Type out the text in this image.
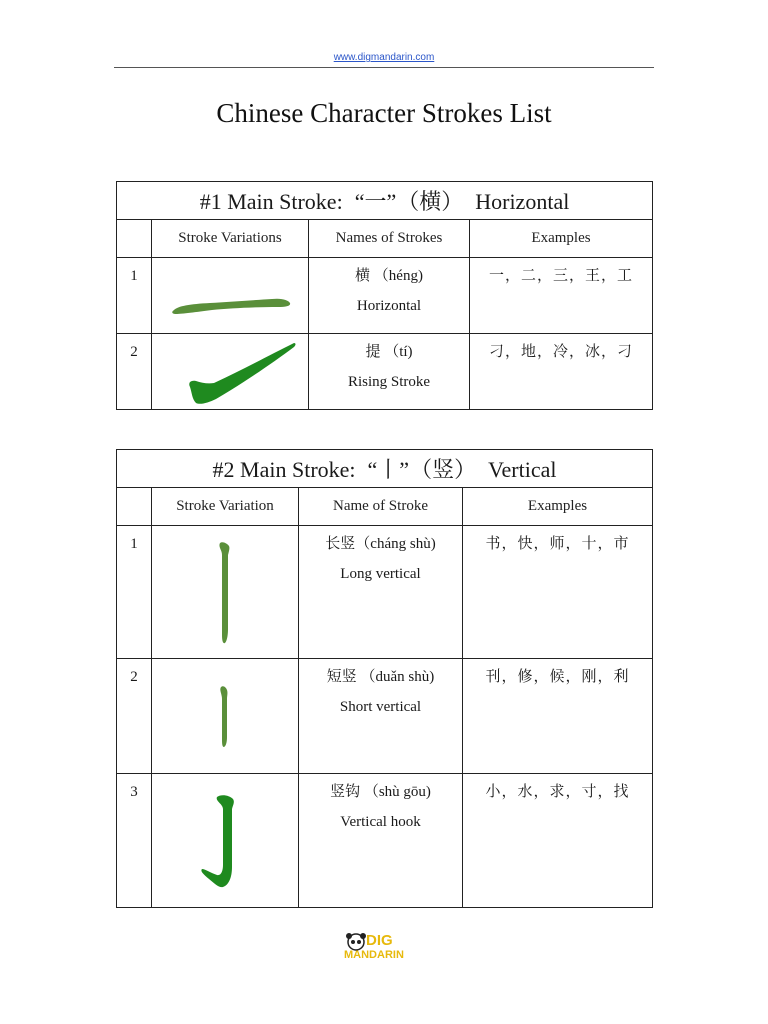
www.digmandarin.com
Chinese Character Strokes List
#1 Main Stroke: “一” （横） Horizontal			
	Stroke Variations	Names of Strokes	Examples
1		横 （héng)
Horizontal	一，二，三，王，工
2		提 （tí)
Rising Stroke	刁，地，冷，冰，刁
#2 Main Stroke: “丨” （竖） Vertical			
	Stroke Variation	Name of Stroke	Examples
1		长竖（cháng shù)
Long vertical	书，快，师，十，市
2		短竖 （duǎn shù)
Short vertical	刊，修，候，刚，利
3		竖钩 （shù gōu)
Vertical hook	小，水，求，寸，找
DIG
MANDARIN
